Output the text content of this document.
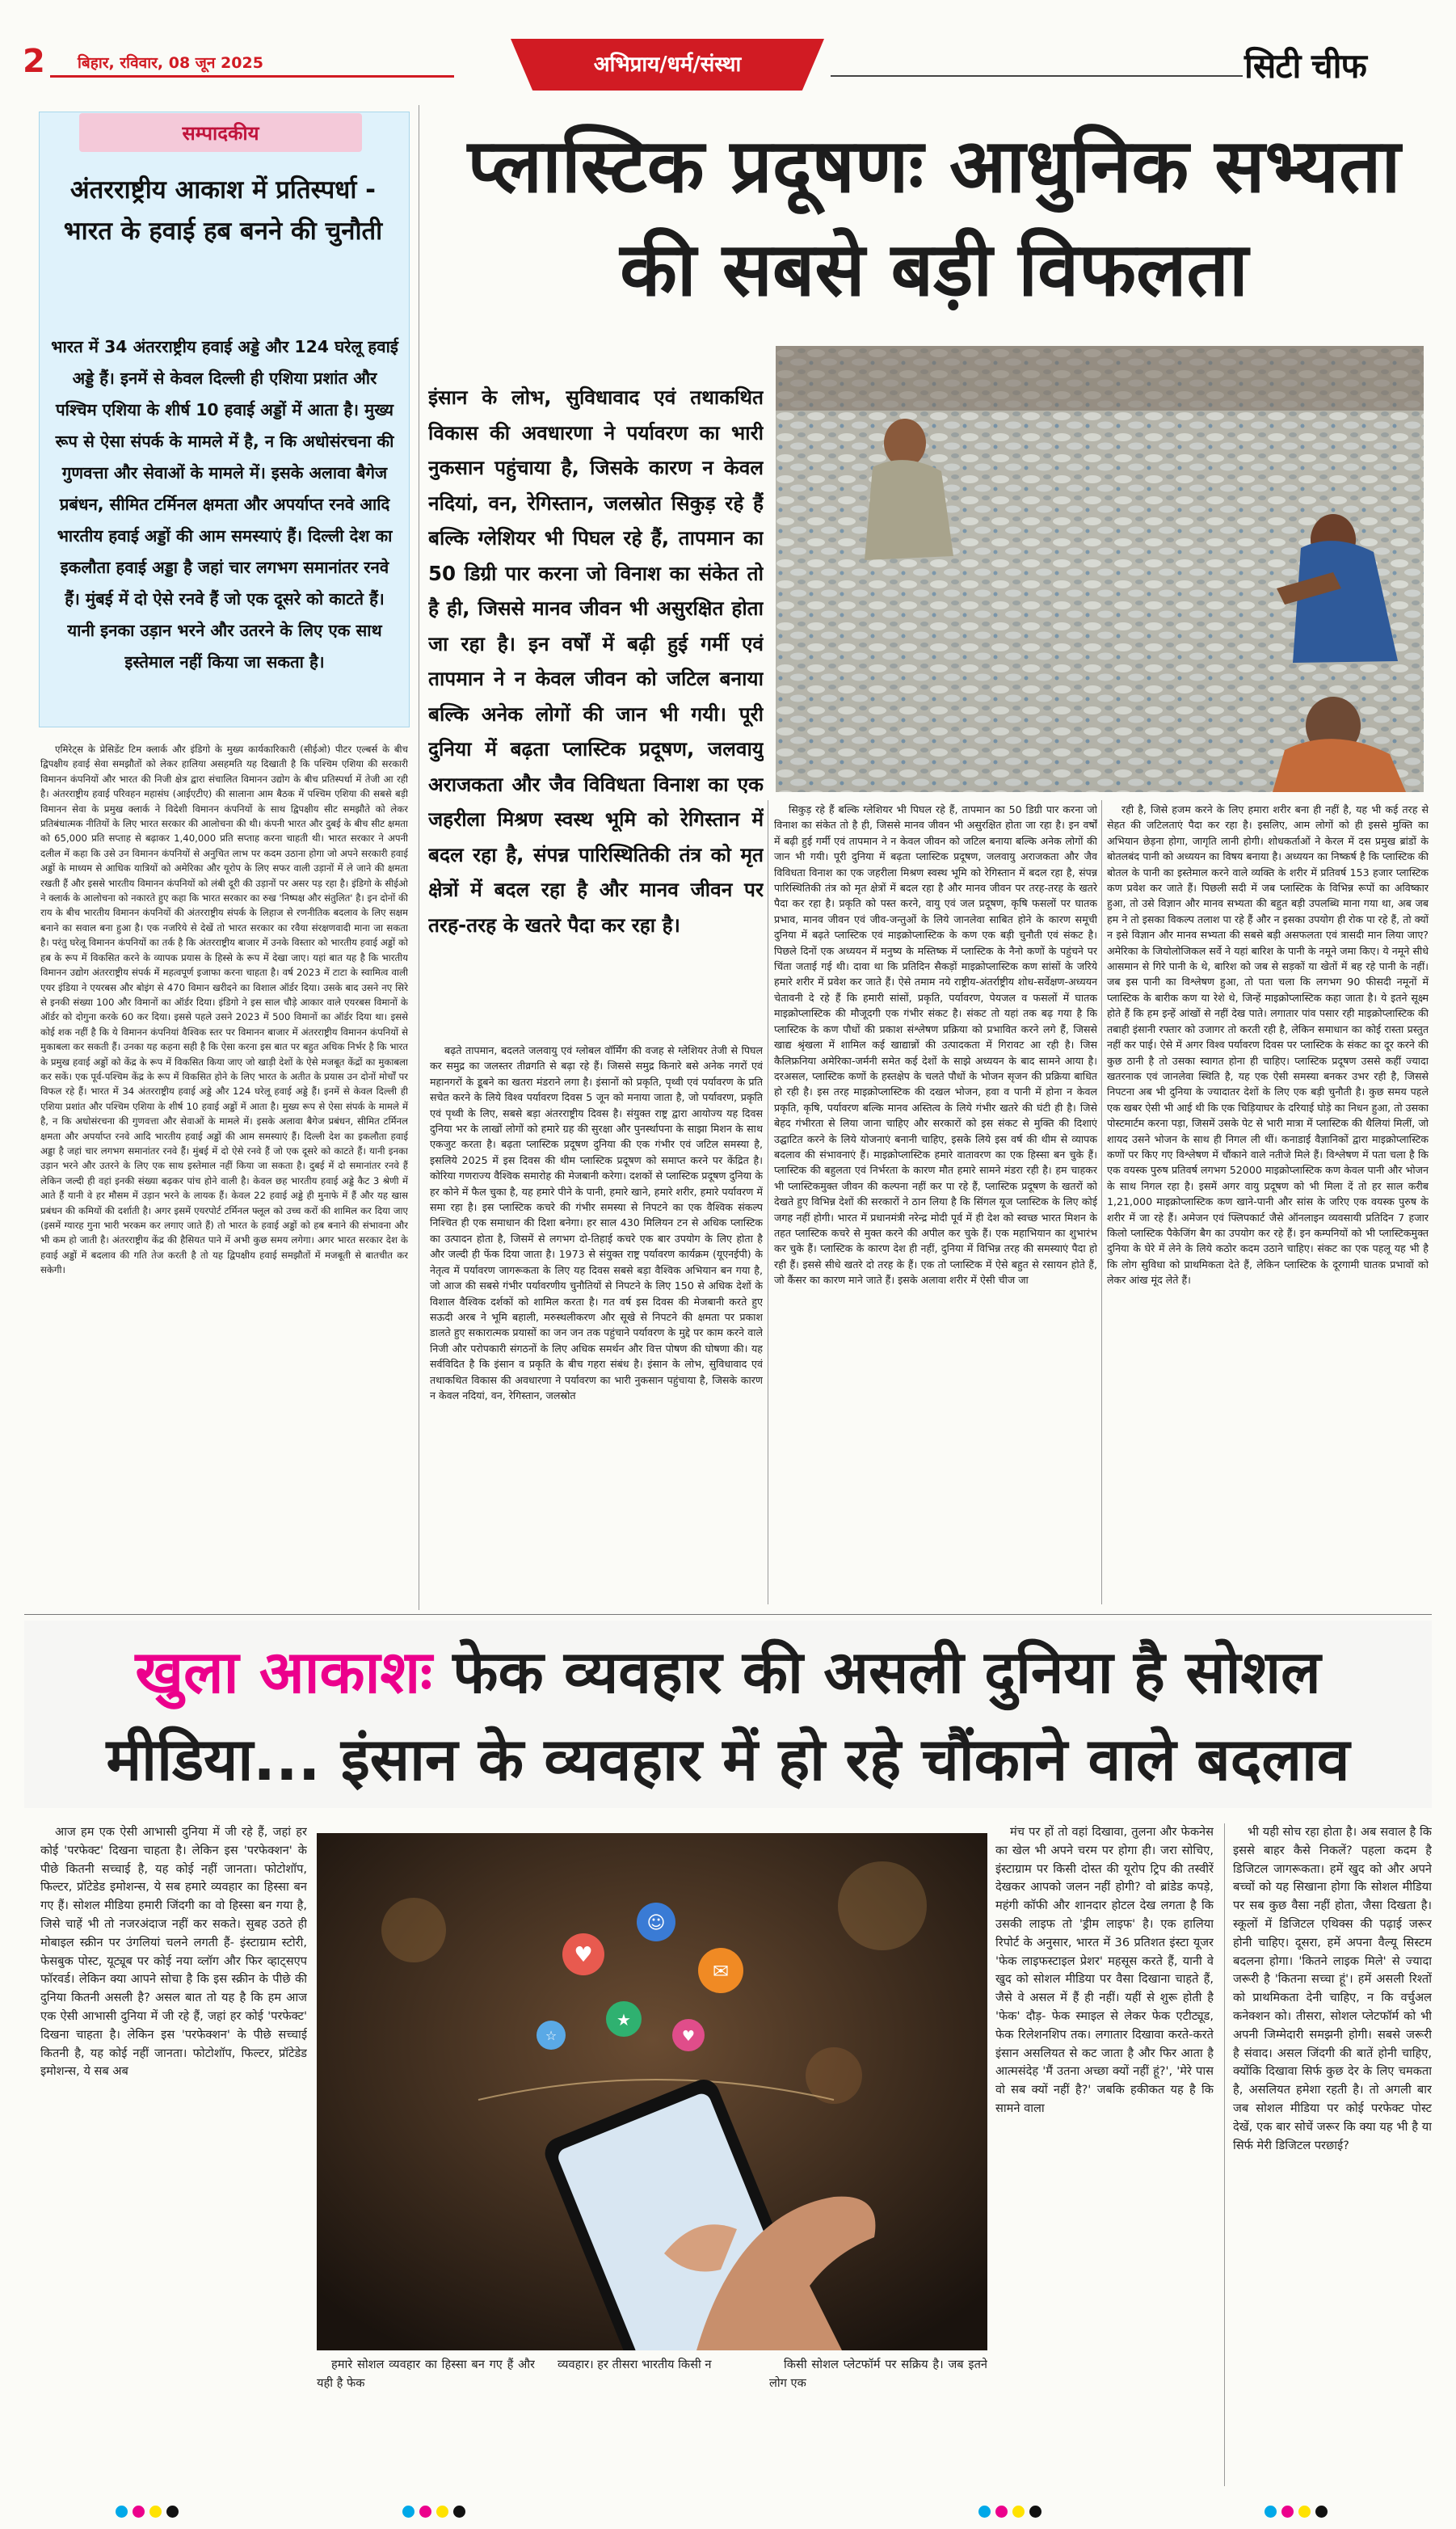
2 बिहार, रविवार, 08 जून 2025	अभिप्राय/धर्म/संस्था	सिटी चीफ
सम्पादकीय
अंतरराष्ट्रीय आकाश में प्रतिस्पर्धा - भारत के हवाई हब बनने की चुनौती

भारत में 34 अंतरराष्ट्रीय हवाई अड्डे और 124 घरेलू हवाई अड्डे हैं। इनमें से केवल दिल्ली ही एशिया प्रशांत और पश्चिम एशिया के शीर्ष 10 हवाई अड्डों में आता है। मुख्य रूप से ऐसा संपर्क के मामले में है, न कि अधोसंरचना की गुणवत्ता और सेवाओं के मामले में। इसके अलावा बैगेज प्रबंधन, सीमित टर्मिनल क्षमता और अपर्याप्त रनवे आदि भारतीय हवाई अड्डों की आम समस्याएं हैं। दिल्ली देश का इकलौता हवाई अड्डा है जहां चार लगभग समानांतर रनवे हैं। मुंबई में दो ऐसे रनवे हैं जो एक दूसरे को काटते हैं। यानी इनका उड़ान भरने और उतरने के लिए एक साथ इस्तेमाल नहीं किया जा सकता है।

एमिरेट्स के प्रेसिडेंट टिम क्लार्क और इंडिगो के मुख्य कार्यकारिकारी (सीईओ) पीटर एल्बर्स के बीच द्विपक्षीय हवाई सेवा समझौतों को लेकर हालिया असहमति यह दिखाती है कि पश्चिम एशिया की सरकारी विमानन कंपनियों और भारत की निजी क्षेत्र द्वारा संचालित विमानन उद्योग के बीच प्रतिस्पर्धा में तेजी आ रही है। अंतरराष्ट्रीय हवाई परिवहन महासंघ (आईएटीए) की सालाना आम बैठक में पश्चिम एशिया की सबसे बड़ी विमानन सेवा के प्रमुख क्लार्क ने विदेशी विमानन कंपनियों के साथ द्विपक्षीय सीट समझौते को लेकर प्रतिबंधात्मक नीतियों के लिए भारत सरकार की आलोचना की थी। कंपनी भारत और दुबई के बीच सीट क्षमता को 65,000 प्रति सप्ताह से बढ़ाकर 1,40,000 प्रति सप्ताह करना चाहती थी। भारत सरकार ने अपनी दलील में कहा कि उसे उन विमानन कंपनियों से अनुचित लाभ पर कदम उठाना होगा जो अपने सरकारी हवाई अड्डों के माध्यम से आधिक यात्रियों को अमेरिका और यूरोप के लिए सफर वाली उड़ानों में ले जाने की क्षमता रखती हैं और इससे भारतीय विमानन कंपनियों को लंबी दूरी की उड़ानों पर असर पड़ रहा है। इंडिगो के सीईओ ने क्लार्क के आलोचना को नकारते हुए कहा कि भारत सरकार का रुख 'निष्पक्ष और संतुलित' है। इन दोनों की राय के बीच भारतीय विमानन कंपनियों की अंतरराष्ट्रीय संपर्क के लिहाज से रणनीतिक बदलाव के लिए सक्षम बनाने का सवाल बना हुआ है। एक नजरिये से देखें तो भारत सरकार का रवैया संरक्षणवादी माना जा सकता है। परंतु घरेलू विमानन कंपनियों का तर्क है कि अंतरराष्ट्रीय बाजार में उनके विस्तार को भारतीय हवाई अड्डों को हब के रूप में विकसित करने के व्यापक प्रयास के हिस्से के रूप में देखा जाए। यहां बात यह है कि भारतीय विमानन उद्योग अंतरराष्ट्रीय संपर्क में महत्वपूर्ण इजाफा करना चाहता है। वर्ष 2023 में टाटा के स्वामित्व वाली एयर इंडिया ने एयरबस और बोइंग से 470 विमान खरीदने का विशाल ऑर्डर दिया। उसके बाद उसने नए सिरे से इनकी संख्या 100 और विमानों का ऑर्डर दिया। इंडिगो ने इस साल चौड़े आकार वाले एयरबस विमानों के ऑर्डर को दोगुना करके 60 कर दिया। इससे पहले उसने 2023 में 500 विमानों का ऑर्डर दिया था। इससे कोई शक नहीं है कि ये विमानन कंपनियां वैश्विक स्तर पर विमानन बाजार में अंतरराष्ट्रीय विमानन कंपनियों से मुकाबला कर सकती हैं। उनका यह कहना सही है कि ऐसा करना इस बात पर बहुत अधिक निर्भर है कि भारत के प्रमुख हवाई अड्डों को केंद्र के रूप में विकसित किया जाए जो खाड़ी देशों के ऐसे मजबूत केंद्रों का मुकाबला कर सकें। एक पूर्व-पश्चिम केंद्र के रूप में विकसित होने के लिए भारत के अतीत के प्रयास उन दोनों मोर्चों पर विफल रहे हैं। भारत में 34 अंतरराष्ट्रीय हवाई अड्डे और 124 घरेलू हवाई अड्डे हैं। इनमें से केवल दिल्ली ही एशिया प्रशांत और पश्चिम एशिया के शीर्ष 10 हवाई अड्डों में आता है। मुख्य रूप से ऐसा संपर्क के मामले में है, न कि अधोसंरचना की गुणवत्ता और सेवाओं के मामले में। इसके अलावा बैगेज प्रबंधन, सीमित टर्मिनल क्षमता और अपर्याप्त रनवे आदि भारतीय हवाई अड्डों की आम समस्याएं हैं। दिल्ली देश का इकलौता हवाई अड्डा है जहां चार लगभग समानांतर रनवे हैं। मुंबई में दो ऐसे रनवे हैं जो एक दूसरे को काटते हैं। यानी इनका उड़ान भरने और उतरने के लिए एक साथ इस्तेमाल नहीं किया जा सकता है। दुबई में दो समानांतर रनवे हैं लेकिन जल्दी ही वहां इनकी संख्या बढ़कर पांच होने वाली है। केवल छह भारतीय हवाई अड्डे कैट 3 श्रेणी में आते हैं यानी वे हर मौसम में उड़ान भरने के लायक हैं। केवल 22 हवाई अड्डे ही मुनाफे में हैं और यह खास प्रबंधन की कमियों की दर्शाती है। अगर इसमें एयरपोर्ट टर्मिनल फ्लूल को उच्च करों की शामिल कर दिया जाए (इसमें ग्यारह गुना भारी भरकम कर लगाए जाते हैं) तो भारत के हवाई अड्डों को हब बनाने की संभावना और भी कम हो जाती है। अंतरराष्ट्रीय केंद्र की हैसियत पाने में अभी कुछ समय लगेगा। अगर भारत सरकार देश के हवाई अड्डों में बदलाव की गति तेज करती है तो यह द्विपक्षीय हवाई समझौतों में मजबूती से बातचीत कर सकेगी।

प्लास्टिक प्रदूषणः आधुनिक सभ्यता
की सबसे बड़ी विफलता

इंसान के लोभ, सुविधावाद एवं तथाकथित विकास की अवधारणा ने पर्यावरण का भारी नुकसान पहुंचाया है, जिसके कारण न केवल नदियां, वन, रेगिस्तान, जलस्रोत सिकुड़ रहे हैं बल्कि ग्लेशियर भी पिघल रहे हैं, तापमान का 50 डिग्री पार करना जो विनाश का संकेत तो है ही, जिससे मानव जीवन भी असुरक्षित होता जा रहा है। इन वर्षों में बढ़ी हुई गर्मी एवं तापमान ने न केवल जीवन को जटिल बनाया बल्कि अनेक लोगों की जान भी गयी। पूरी दुनिया में बढ़ता प्लास्टिक प्रदूषण, जलवायु अराजकता और जैव विविधता विनाश का एक जहरीला मिश्रण स्वस्थ भूमि को रेगिस्तान में बदल रहा है, संपन्न पारिस्थितिकी तंत्र को मृत क्षेत्रों में बदल रहा है और मानव जीवन पर तरह-तरह के खतरे पैदा कर रहा है।

बढ़ते तापमान, बदलते जलवायु एवं ग्लोबल वॉर्मिंग की वजह से ग्लेशियर तेजी से पिघल कर समुद्र का जलस्तर तीव्रगति से बढ़ा रहे हैं। जिससे समुद्र किनारे बसे अनेक नगरों एवं महानगरों के डूबने का खतरा मंडराने लगा है। इंसानों को प्रकृति, पृथ्वी एवं पर्यावरण के प्रति सचेत करने के लिये विश्व पर्यावरण दिवस 5 जून को मनाया जाता है, जो पर्यावरण, प्रकृति एवं पृथ्वी के लिए, सबसे बड़ा अंतरराष्ट्रीय दिवस है। संयुक्त राष्ट्र द्वारा आयोज्य यह दिवस दुनिया भर के लाखों लोगों को हमारे ग्रह की सुरक्षा और पुनर्स्थापना के साझा मिशन के साथ एकजुट करता है। बढ़ता प्लास्टिक प्रदूषण दुनिया की एक गंभीर एवं जटिल समस्या है, इसलिये 2025 में इस दिवस की थीम प्लास्टिक प्रदूषण को समाप्त करने पर केंद्रित है। कोरिया गणराज्य वैश्विक समारोह की मेजबानी करेगा। दशकों से प्लास्टिक प्रदूषण दुनिया के हर कोने में फैल चुका है, यह हमारे पीने के पानी, हमारे खाने, हमारे शरीर, हमारे पर्यावरण में समा रहा है। इस प्लास्टिक कचरे की गंभीर समस्या से निपटने का एक वैश्विक संकल्प निश्चित ही एक समाधान की दिशा बनेगा। हर साल 430 मिलियन टन से अधिक प्लास्टिक का उत्पादन होता है, जिसमें से लगभग दो-तिहाई कचरे एक बार उपयोग के लिए होता है और जल्दी ही फेंक दिया जाता है। 1973 से संयुक्त राष्ट्र पर्यावरण कार्यक्रम (यूएनईपी) के नेतृत्व में पर्यावरण जागरूकता के लिए यह दिवस सबसे बड़ा वैश्विक अभियान बन गया है, जो आज की सबसे गंभीर पर्यावरणीय चुनौतियों से निपटने के लिए 150 से अधिक देशों के विशाल वैश्विक दर्शकों को शामिल करता है। गत वर्ष इस दिवस की मेजबानी करते हुए सऊदी अरब ने भूमि बहाली, मरुस्थलीकरण और सूखे से निपटने की क्षमता पर प्रकाश डालते हुए सकारात्मक प्रयासों का जन जन तक पहुंचाने पर्यावरण के मुद्दे पर काम करने वाले निजी और परोपकारी संगठनों के लिए अधिक समर्थन और वित्त पोषण की घोषणा की। यह सर्वविदित है कि इंसान व प्रकृति के बीच गहरा संबंध है। इंसान के लोभ, सुविधावाद एवं तथाकथित विकास की अवधारणा ने पर्यावरण का भारी नुकसान पहुंचाया है, जिसके कारण न केवल नदियां, वन, रेगिस्तान, जलस्रोत

सिकुड़ रहे हैं बल्कि ग्लेशियर भी पिघल रहे हैं, तापमान का 50 डिग्री पार करना जो विनाश का संकेत तो है ही, जिससे मानव जीवन भी असुरक्षित होता जा रहा है। इन वर्षों में बढ़ी हुई गर्मी एवं तापमान ने न केवल जीवन को जटिल बनाया बल्कि अनेक लोगों की जान भी गयी। पूरी दुनिया में बढ़ता प्लास्टिक प्रदूषण, जलवायु अराजकता और जैव विविधता विनाश का एक जहरीला मिश्रण स्वस्थ भूमि को रेगिस्तान में बदल रहा है, संपन्न पारिस्थितिकी तंत्र को मृत क्षेत्रों में बदल रहा है और मानव जीवन पर तरह-तरह के खतरे पैदा कर रहा है। प्रकृति को पस्त करने, वायु एवं जल प्रदूषण, कृषि फसलों पर घातक प्रभाव, मानव जीवन एवं जीव-जन्तुओं के लिये जानलेवा साबित होने के कारण समूची दुनिया में बढ़ते प्लास्टिक एवं माइक्रोप्लास्टिक के कण एक बड़ी चुनौती एवं संकट है। पिछले दिनों एक अध्ययन में मनुष्य के मस्तिष्क में प्लास्टिक के नैनो कणों के पहुंचने पर चिंता जताई गई थी। दावा था कि प्रतिदिन सैकड़ों माइक्रोप्लास्टिक कण सांसों के जरिये हमारे शरीर में प्रवेश कर जाते हैं। ऐसे तमाम नये राष्ट्रीय-अंतर्राष्ट्रीय शोध-सर्वेक्षण-अध्ययन चेतावनी दे रहे हैं कि हमारी सांसों, प्रकृति, पर्यावरण, पेयजल व फसलों में घातक माइक्रोप्लास्टिक की मौजूदगी एक गंभीर संकट है। संकट तो यहां तक बढ़ गया है कि प्लास्टिक के कण पौधों की प्रकाश संश्लेषण प्रक्रिया को प्रभावित करने लगे हैं, जिससे खाद्य श्रृंखला में शामिल कई खाद्यान्नों की उत्पादकता में गिरावट आ रही है। जिस कैलिफ्रनिया अमेरिका-जर्मनी समेत कई देशों के साझे अध्ययन के बाद सामने आया है। दरअसल, प्लास्टिक कणों के हस्तक्षेप के चलते पौधों के भोजन सृजन की प्रक्रिया बाधित हो रही है। इस तरह माइक्रोप्लास्टिक की दखल भोजन, हवा व पानी में होना न केवल प्रकृति, कृषि, पर्यावरण बल्कि मानव अस्तित्व के लिये गंभीर खतरे की घंटी ही है। जिसे बेहद गंभीरता से लिया जाना चाहिए और सरकारों को इस संकट से मुक्ति की दिशाएं उद्घाटित करने के लिये योजनाएं बनानी चाहिए, इसके लिये इस वर्ष की थीम से व्यापक बदलाव की संभावनाएं हैं। माइक्रोप्लास्टिक हमारे वातावरण का एक हिस्सा बन चुके हैं। प्लास्टिक की बहुलता एवं निर्भरता के कारण मौत हमारे सामने मंडरा रही है। हम चाहकर भी प्लास्टिकमुक्त जीवन की कल्पना नहीं कर पा रहे हैं, प्लास्टिक प्रदूषण के खतरों को देखते हुए विभिन्न देशों की सरकारों ने ठान लिया है कि सिंगल यूज प्लास्टिक के लिए कोई जगह नहीं होगी। भारत में प्रधानमंत्री नरेन्द्र मोदी पूर्व में ही देश को स्वच्छ भारत मिशन के तहत प्लास्टिक कचरे से मुक्त करने की अपील कर चुके हैं। एक महाभियान का शुभारंभ कर चुके हैं। प्लास्टिक के कारण देश ही नहीं, दुनिया में विभिन्न तरह की समस्याएं पैदा हो रही हैं। इससे सीधे खतरे दो तरह के हैं। एक तो प्लास्टिक में ऐसे बहुत से रसायन होते हैं, जो कैंसर का कारण माने जाते हैं। इसके अलावा शरीर में ऐसी चीज जा

रही है, जिसे हजम करने के लिए हमारा शरीर बना ही नहीं है, यह भी कई तरह से सेहत की जटिलताएं पैदा कर रहा है। इसलिए, आम लोगों को ही इससे मुक्ति का अभियान छेड़ना होगा, जागृति लानी होगी। शोधकर्ताओं ने केरल में दस प्रमुख ब्रांडों के बोतलबंद पानी को अध्ययन का विषय बनाया है। अध्ययन का निष्कर्ष है कि प्लास्टिक की बोतल के पानी का इस्तेमाल करने वाले व्यक्ति के शरीर में प्रतिवर्ष 153 हजार प्लास्टिक कण प्रवेश कर जाते हैं। पिछली सदी में जब प्लास्टिक के विभिन्न रूपों का अविष्कार हुआ, तो उसे विज्ञान और मानव सभ्यता की बहुत बड़ी उपलब्धि माना गया था, अब जब हम ने तो इसका विकल्प तलाश पा रहे हैं और न इसका उपयोग ही रोक पा रहे हैं, तो क्यों न इसे विज्ञान और मानव सभ्यता की सबसे बड़ी असफलता एवं त्रासदी मान लिया जाए? अमेरिका के जियोलोजिकल सर्वे ने यहां बारिश के पानी के नमूने जमा किए। ये नमूने सीधे आसमान से गिरे पानी के थे, बारिश को जब से सड़कों या खेतों में बह रहे पानी के नहीं। जब इस पानी का विश्लेषण हुआ, तो पता चला कि लगभग 90 फीसदी नमूनों में प्लास्टिक के बारीक कण या रेशे थे, जिन्हें माइक्रोप्लास्टिक कहा जाता है। ये इतने सूक्ष्म होते हैं कि हम इन्हें आंखों से नहीं देख पाते। लगातार पांव पसार रही माइक्रोप्लास्टिक की तबाही इंसानी रफ्तार को उजागर तो करती रही है, लेकिन समाधान का कोई रास्ता प्रस्तुत नहीं कर पाई। ऐसे में अगर विश्व पर्यावरण दिवस पर प्लास्टिक के संकट का दूर करने की कुछ ठानी है तो उसका स्वागत होना ही चाहिए। प्लास्टिक प्रदूषण उससे कहीं ज्यादा खतरनाक एवं जानलेवा स्थिति है, यह एक ऐसी समस्या बनकर उभर रही है, जिससे निपटना अब भी दुनिया के ज्यादातर देशों के लिए एक बड़ी चुनौती है। कुछ समय पहले एक खबर ऐसी भी आई थी कि एक चिड़ियाघर के दरियाई घोड़े का निधन हुआ, तो उसका पोस्टमार्टम करना पड़ा, जिसमें उसके पेट से भारी मात्रा में प्लास्टिक की थैलियां मिलीं, जो शायद उसने भोजन के साथ ही निगल ली थीं। कनाडाई वैज्ञानिकों द्वारा माइक्रोप्लास्टिक कणों पर किए गए विश्लेषण में चौंकाने वाले नतीजे मिले हैं। विश्लेषण में पता चला है कि एक वयस्क पुरुष प्रतिवर्ष लगभग 52000 माइक्रोप्लास्टिक कण केवल पानी और भोजन के साथ निगल रहा है। इसमें अगर वायु प्रदूषण को भी मिला दें तो हर साल करीब 1,21,000 माइक्रोप्लास्टिक कण खाने-पानी और सांस के जरिए एक वयस्क पुरुष के शरीर में जा रहे हैं। अमेजन एवं फ्लिपकार्ट जैसे ऑनलाइन व्यवसायी प्रतिदिन 7 हजार किलो प्लास्टिक पैकेजिंग बैग का उपयोग कर रहे हैं। इन कम्पनियों को भी प्लास्टिकमुक्त दुनिया के घेरे में लेने के लिये कठोर कदम उठाने चाहिए। संकट का एक पहलू यह भी है कि लोग सुविधा को प्राथमिकता देते हैं, लेकिन प्लास्टिक के दूरगामी घातक प्रभावों को लेकर आंख मूंद लेते हैं।

खुला आकाशः फेक व्यवहार की असली दुनिया है सोशल
मीडिया... इंसान के व्यवहार में हो रहे चौंकाने वाले बदलाव

आज हम एक ऐसी आभासी दुनिया में जी रहे हैं, जहां हर कोई 'परफेक्ट' दिखना चाहता है। लेकिन इस 'परफेक्शन' के पीछे कितनी सच्चाई है, यह कोई नहीं जानता। फोटोशॉप, फिल्टर, प्रॉटेडेड इमोशन्स, ये सब हमारे व्यवहार का हिस्सा बन गए हैं। सोशल मीडिया हमारी जिंदगी का वो हिस्सा बन गया है, जिसे चाहें भी तो नजरअंदाज नहीं कर सकते। सुबह उठते ही मोबाइल स्क्रीन पर उंगलियां चलने लगती हैं- इंस्टाग्राम स्टोरी, फेसबुक पोस्ट, यूट्यूब पर कोई नया व्लॉग और फिर व्हाट्सएप फॉरवर्ड। लेकिन क्या आपने सोचा है कि इस स्क्रीन के पीछे की दुनिया कितनी असली है? असल बात तो यह है कि हम आज एक ऐसी आभासी दुनिया में जी रहे हैं, जहां हर कोई 'परफेक्ट' दिखना चाहता है। लेकिन इस 'परफेक्शन' के पीछे सच्चाई कितनी है, यह कोई नहीं जानता। फोटोशॉप, फिल्टर, प्रॉटेडेड इमोशन्स, ये सब अब

♥
☺
✉
★
♥
☆

हमारे सोशल व्यवहार का हिस्सा बन गए हैं और यही है फेक

व्यवहार। हर तीसरा भारतीय किसी न	किसी सोशल प्लेटफॉर्म पर सक्रिय है। जब इतने लोग एक

मंच पर हों तो वहां दिखावा, तुलना और फेकनेस का खेल भी अपने चरम पर होगा ही। जरा सोचिए, इंस्टाग्राम पर किसी दोस्त की यूरोप ट्रिप की तस्वीरें देखकर आपको जलन नहीं होगी? वो ब्रांडेड कपड़े, महंगी कॉफी और शानदार होटल देख लगता है कि उसकी लाइफ तो 'ड्रीम लाइफ' है। एक हालिया रिपोर्ट के अनुसार, भारत में 36 प्रतिशत इंस्टा यूजर 'फेक लाइफस्टाइल प्रेशर' महसूस करते हैं, यानी वे खुद को सोशल मीडिया पर वैसा दिखाना चाहते हैं, जैसे वे असल में हैं ही नहीं। यहीं से शुरू होती है 'फेक' दौड़- फेक स्माइल से लेकर फेक एटीट्यूड, फेक रिलेशनशिप तक। लगातार दिखावा करते-करते इंसान असलियत से कट जाता है और फिर आता है आत्मसंदेह 'मैं उतना अच्छा क्यों नहीं हूं?', 'मेरे पास वो सब क्यों नहीं है?' जबकि हकीकत यह है कि सामने वाला

भी यही सोच रहा होता है। अब सवाल है कि इससे बाहर कैसे निकलें? पहला कदम है डिजिटल जागरूकता। हमें खुद को और अपने बच्चों को यह सिखाना होगा कि सोशल मीडिया पर सब कुछ वैसा नहीं होता, जैसा दिखता है। स्कूलों में डिजिटल एथिक्स की पढ़ाई जरूर होनी चाहिए। दूसरा, हमें अपना वैल्यू सिस्टम बदलना होगा। 'कितने लाइक मिले' से ज्यादा जरूरी है 'कितना सच्चा हूं'। हमें असली रिश्तों को प्राथमिकता देनी चाहिए, न कि वर्चुअल कनेक्शन को। तीसरा, सोशल प्लेटफॉर्म को भी अपनी जिम्मेदारी समझनी होगी। सबसे जरूरी है संवाद। असल जिंदगी की बातें होनी चाहिए, क्योंकि दिखावा सिर्फ कुछ देर के लिए चमकता है, असलियत हमेशा रहती है। तो अगली बार जब सोशल मीडिया पर कोई परफेक्ट पोस्ट देखें, एक बार सोचें जरूर कि क्या यह भी है या सिर्फ मेरी डिजिटल परछाई?
